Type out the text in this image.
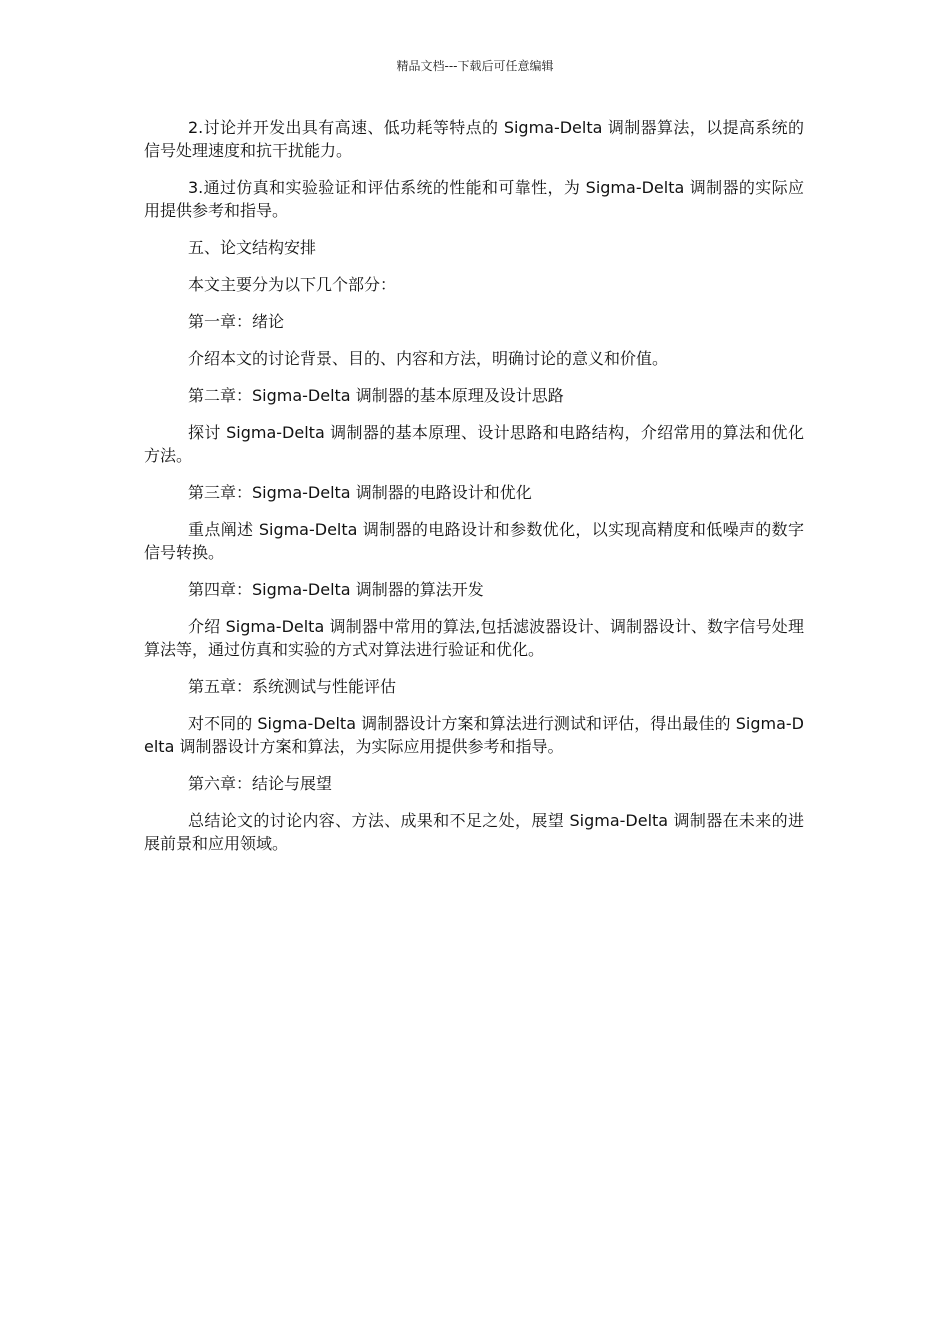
精品文档---下载后可任意编辑

2.讨论并开发出具有高速、低功耗等特点的 Sigma-Delta 调制器算法，以提高系统的信号处理速度和抗干扰能力。

3.通过仿真和实验验证和评估系统的性能和可靠性，为 Sigma-Delta 调制器的实际应用提供参考和指导。

五、论文结构安排

本文主要分为以下几个部分：

第一章：绪论

介绍本文的讨论背景、目的、内容和方法，明确讨论的意义和价值。

第二章：Sigma-Delta 调制器的基本原理及设计思路

探讨 Sigma-Delta 调制器的基本原理、设计思路和电路结构，介绍常用的算法和优化方法。

第三章：Sigma-Delta 调制器的电路设计和优化

重点阐述 Sigma-Delta 调制器的电路设计和参数优化，以实现高精度和低噪声的数字信号转换。

第四章：Sigma-Delta 调制器的算法开发

介绍 Sigma-Delta 调制器中常用的算法,包括滤波器设计、调制器设计、数字信号处理算法等，通过仿真和实验的方式对算法进行验证和优化。

第五章：系统测试与性能评估

对不同的 Sigma-Delta 调制器设计方案和算法进行测试和评估，得出最佳的 Sigma-Delta 调制器设计方案和算法，为实际应用提供参考和指导。

第六章：结论与展望

总结论文的讨论内容、方法、成果和不足之处，展望 Sigma-Delta 调制器在未来的进展前景和应用领域。
